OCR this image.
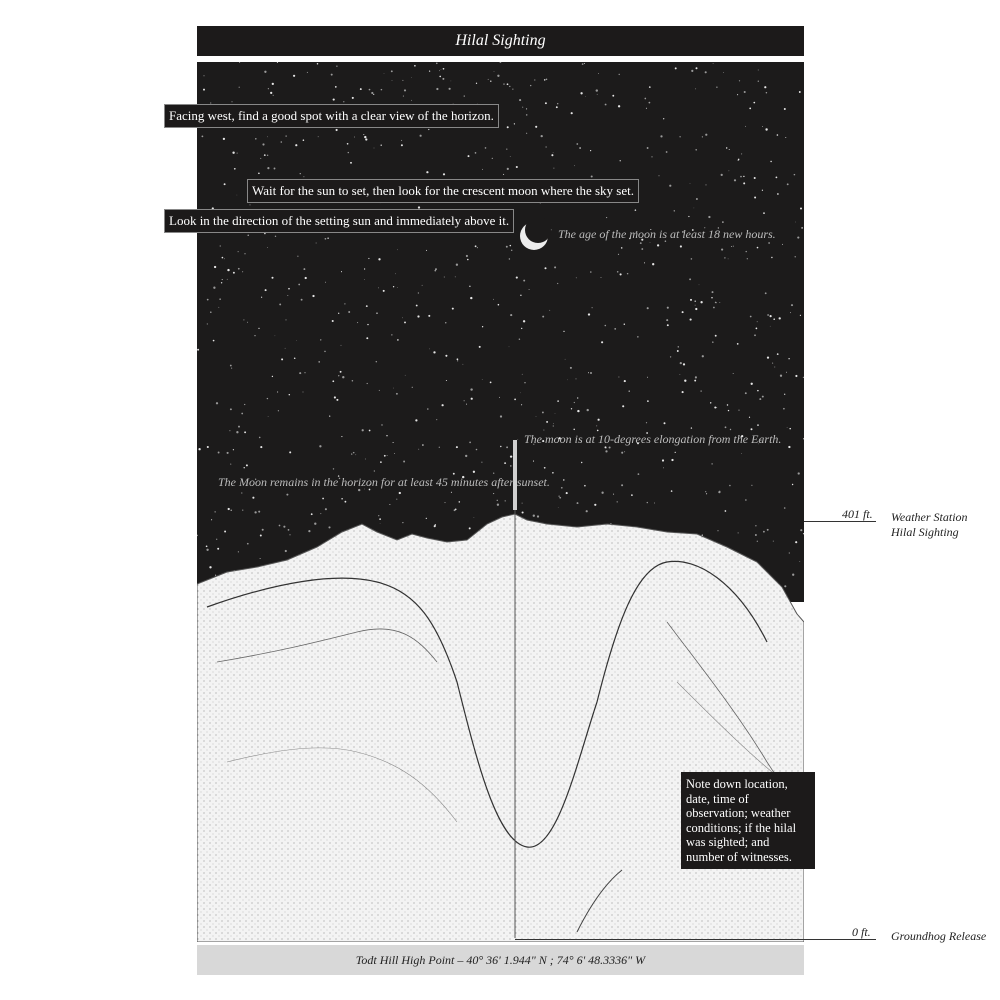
Hilal Sighting
Facing west, find a good spot with a clear view of the horizon.
Wait for the sun to set, then look for the crescent moon where the sky set.
Look in the direction of the setting sun and immediately above it.
The age of the moon is at least 18 new hours.
The moon is at 10-degrees elongation from the Earth.
The Moon remains in the horizon for at least 45 minutes after sunset.
Note down location, date, time of observation; weather conditions; if the hilal was sighted; and number of witnesses.
401 ft. Weather Station
Hilal Sighting
0 ft. Groundhog Release
Todt Hill High Point – 40° 36' 1.944" N ; 74° 6' 48.3336" W
